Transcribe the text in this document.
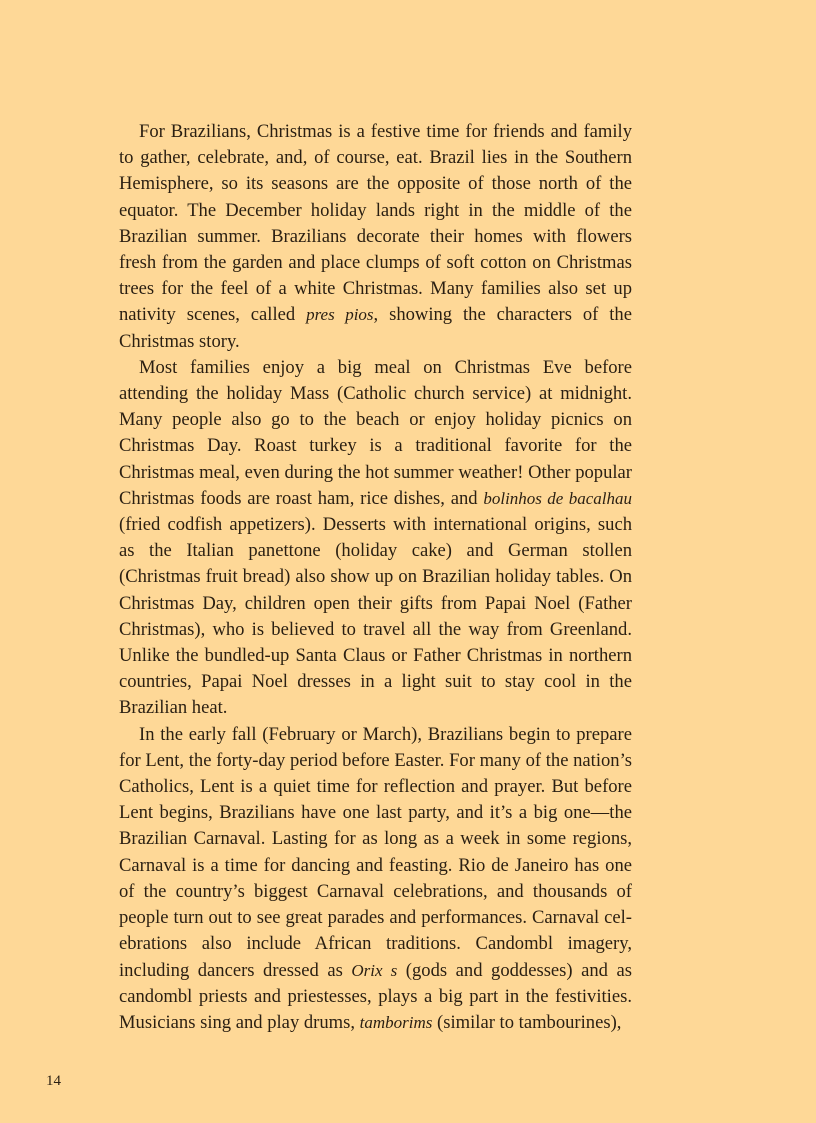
For Brazilians, Christmas is a festive time for friends and family to gather, celebrate, and, of course, eat. Brazil lies in the Southern Hemisphere, so its seasons are the opposite of those north of the equator. The December holiday lands right in the middle of the Brazilian summer. Brazilians decorate their homes with flowers fresh from the garden and place clumps of soft cotton on Christmas trees for the feel of a white Christmas. Many families also set up nativity scenes, called pres pios, showing the characters of the Christmas story.

Most families enjoy a big meal on Christmas Eve before attending the holiday Mass (Catholic church service) at midnight. Many people also go to the beach or enjoy holiday picnics on Christmas Day. Roast turkey is a traditional favorite for the Christmas meal, even during the hot summer weather! Other popular Christmas foods are roast ham, rice dishes, and bolinhos de bacalhau (fried codfish appetizers). Desserts with international origins, such as the Italian panettone (holiday cake) and German stollen (Christmas fruit bread) also show up on Brazilian holiday tables. On Christmas Day, children open their gifts from Papai Noel (Father Christmas), who is believed to travel all the way from Greenland. Unlike the bundled-up Santa Claus or Father Christmas in northern countries, Papai Noel dresses in a light suit to stay cool in the Brazilian heat.

In the early fall (February or March), Brazilians begin to prepare for Lent, the forty-day period before Easter. For many of the nation’s Catholics, Lent is a quiet time for reflection and prayer. But before Lent begins, Brazilians have one last party, and it’s a big one—the Brazilian Carnaval. Lasting for as long as a week in some regions, Carnaval is a time for dancing and feasting. Rio de Janeiro has one of the country’s biggest Carnaval celebrations, and thousands of people turn out to see great parades and performances. Carnaval celebrations also include African traditions. Candombl imagery, including dancers dressed as Orix s (gods and goddesses) and as candombl priests and priestesses, plays a big part in the festivities. Musicians sing and play drums, tamborims (similar to tambourines),

14
